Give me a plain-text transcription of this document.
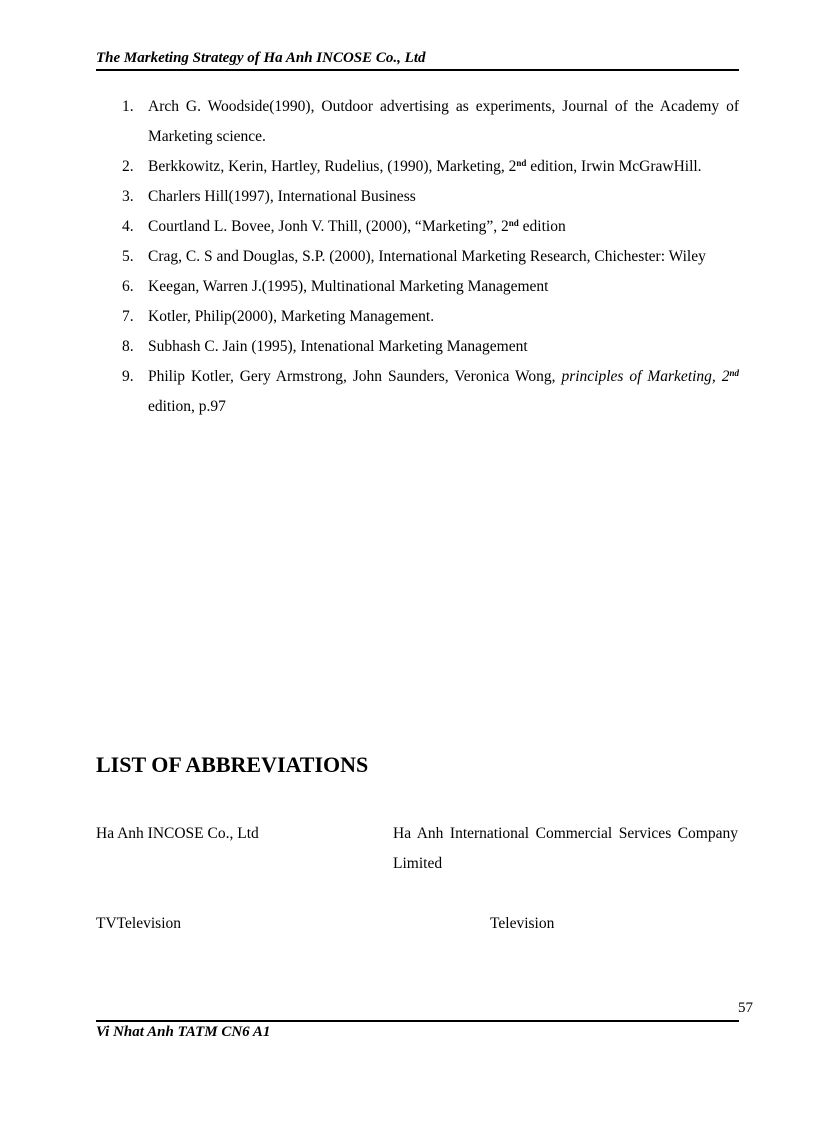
The Marketing Strategy of Ha Anh INCOSE Co., Ltd
1. Arch G. Woodside(1990), Outdoor advertising as experiments, Journal of the Academy of Marketing science.
2. Berkkowitz, Kerin, Hartley, Rudelius, (1990), Marketing, 2nd edition, Irwin McGrawHill.
3. Charlers Hill(1997), International Business
4. Courtland L. Bovee, Jonh V. Thill, (2000), “Marketing”, 2nd edition
5. Crag, C. S and Douglas, S.P. (2000), International Marketing Research, Chichester: Wiley
6. Keegan, Warren J.(1995), Multinational Marketing Management
7. Kotler, Philip(2000), Marketing Management.
8. Subhash C. Jain (1995), Intenational Marketing Management
9. Philip Kotler, Gery Armstrong, John Saunders, Veronica Wong, principles of Marketing, 2nd edition, p.97
LIST OF ABBREVIATIONS
Ha Anh INCOSE Co., Ltd	Ha Anh International Commercial Services Company Limited
TVTelevision	Television
57
Vi Nhat Anh TATM CN6 A1
